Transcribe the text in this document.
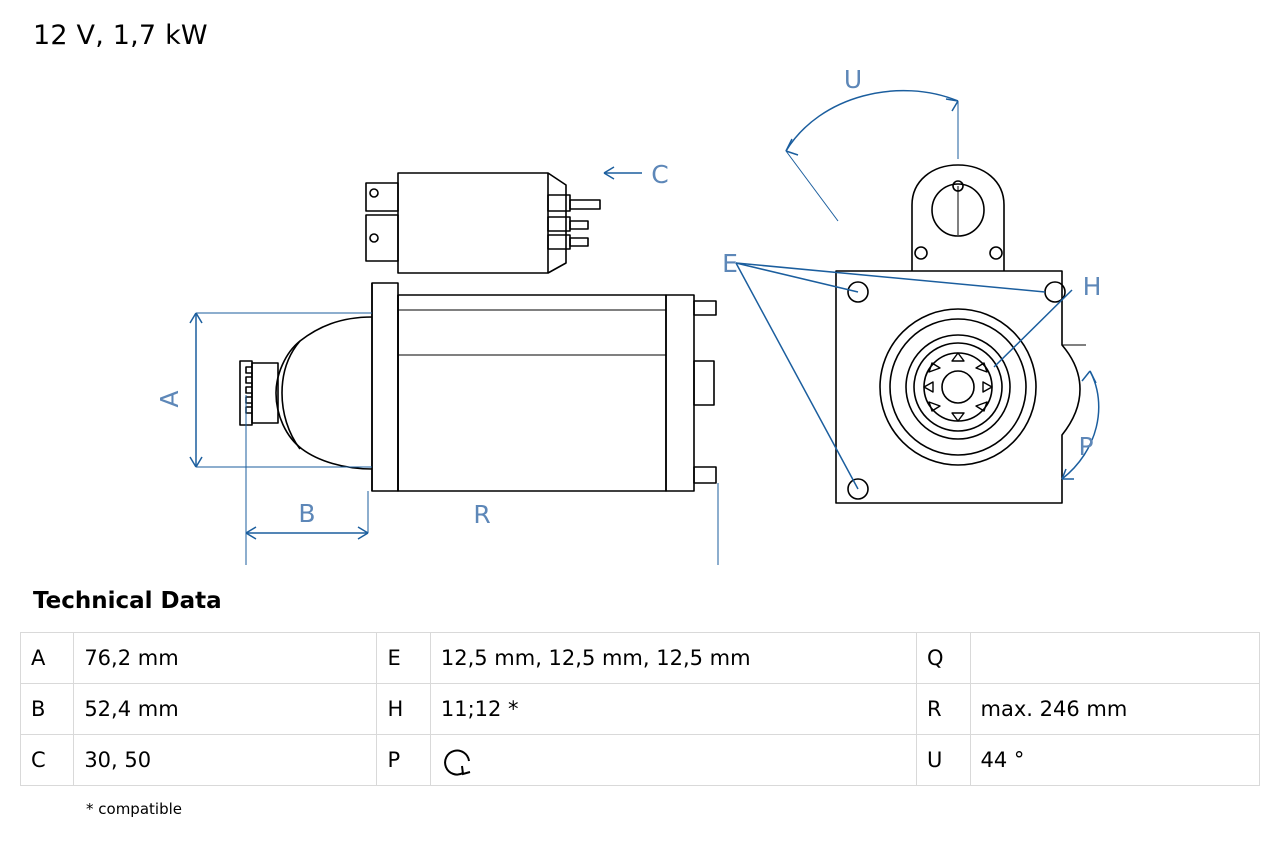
12 V, 1,7 kW
A
B
C
E
H
P
R
U
Technical Data
A	76,2 mm	E	12,5 mm, 12,5 mm, 12,5 mm	Q	
B	52,4 mm	H	11;12 *	R	max. 246 mm
C	30, 50	P		U	44 °
* compatible
